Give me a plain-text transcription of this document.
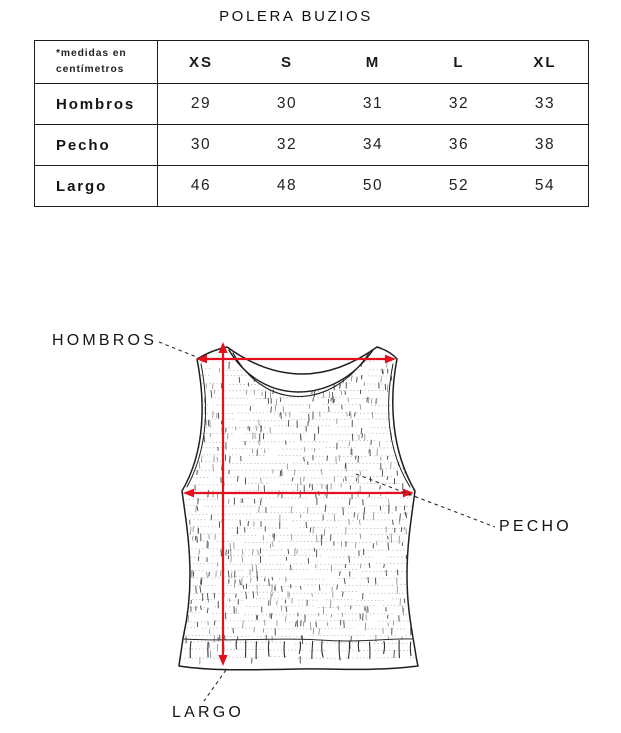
POLERA BUZIOS
*medidas en
centímetros	XS	S	M	L	XL
Hombros	29	30	31	32	33
Pecho	30	32	34	36	38
Largo	46	48	50	52	54
HOMBROS
PECHO
LARGO
